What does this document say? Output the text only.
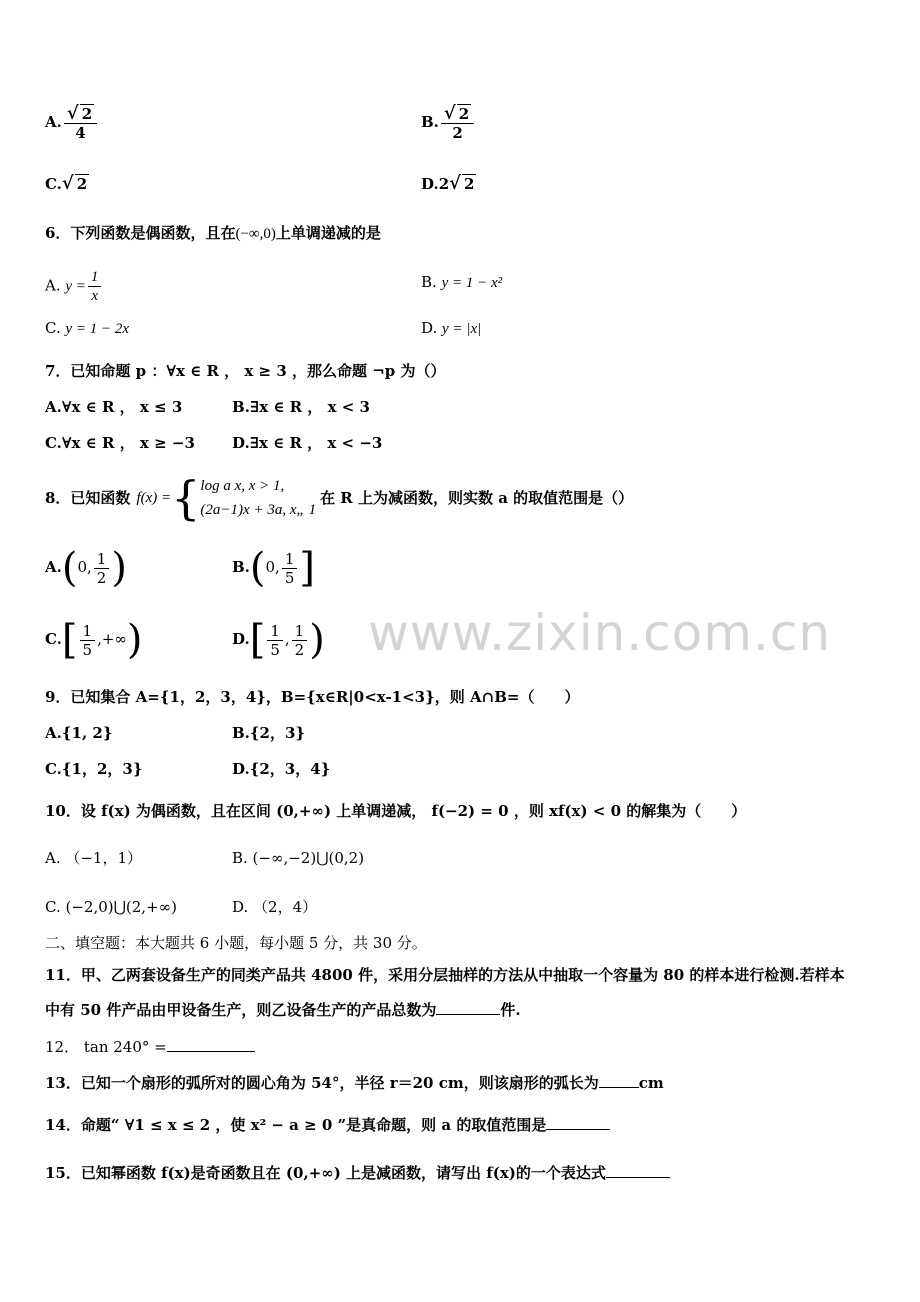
www.zixin.com.cn
A. $\frac{√ 2}{4}$	B. $\frac{√ 2}{2}$
C.√ 2	D.2√ 2
6．下列函数是偶函数，且在(−∞,0)上单调递减的是
A. $y = \frac{1}{x}$	B. y = 1 − x²
C. y = 1 − 2x	D. y = |x|
7．已知命题 p ：∀x ∈ R ， x ≥ 3 ，那么命题 ¬p 为（）
A.∀x ∈ R ， x ≤ 3	B.∃x ∈ R ， x < 3
C.∀x ∈ R ， x ≥ −3 D.∃x ∈ R ， x < −3
8．已知函数 f(x) = { log a x, x > 1,
(2a−1)x + 3a, x„ 1
在 R 上为减函数，则实数 a 的取值范围是（）
A.(0, $\frac{1}{2}$ )	B.(0, $\frac{1}{5}$ ]
$C.[ \frac{1}{5}$ ,+∞)	$D.[ \frac{1}{5}$ , $\frac{1}{2}$ )
9．已知集合 A={1，2，3，4}，B={x∈R|0<x-1<3}，则 A∩B=（　　）
A.{1, 2}	B.{2，3}
C.{1，2，3}	D.{2，3，4}
10．设 f(x) 为偶函数，且在区间 (0,+∞) 上单调递减， f(−2) = 0 ，则 xf(x) < 0 的解集为（　　）
A. （−1，1）	B. (−∞,−2)⋃(0,2)
C. (−2,0)⋃(2,+∞)	D. （2，4）
二、填空题：本大题共 6 小题，每小题 5 分，共 30 分。
11．甲、乙两套设备生产的同类产品共 4800 件，采用分层抽样的方法从中抽取一个容量为 80 的样本进行检测.若样本
中有 50 件产品由甲设备生产，则乙设备生产的产品总数为	件.
12． tan 240° =
13．已知一个扇形的弧所对的圆心角为 54°，半径 r＝20 cm，则该扇形的弧长为	cm
14．命题“ ∀1 ≤ x ≤ 2 ，使 x² − a ≥ 0 ”是真命题，则 a 的取值范围是
15．已知幂函数 f(x)是奇函数且在 (0,+∞) 上是减函数，请写出 f(x)的一个表达式
